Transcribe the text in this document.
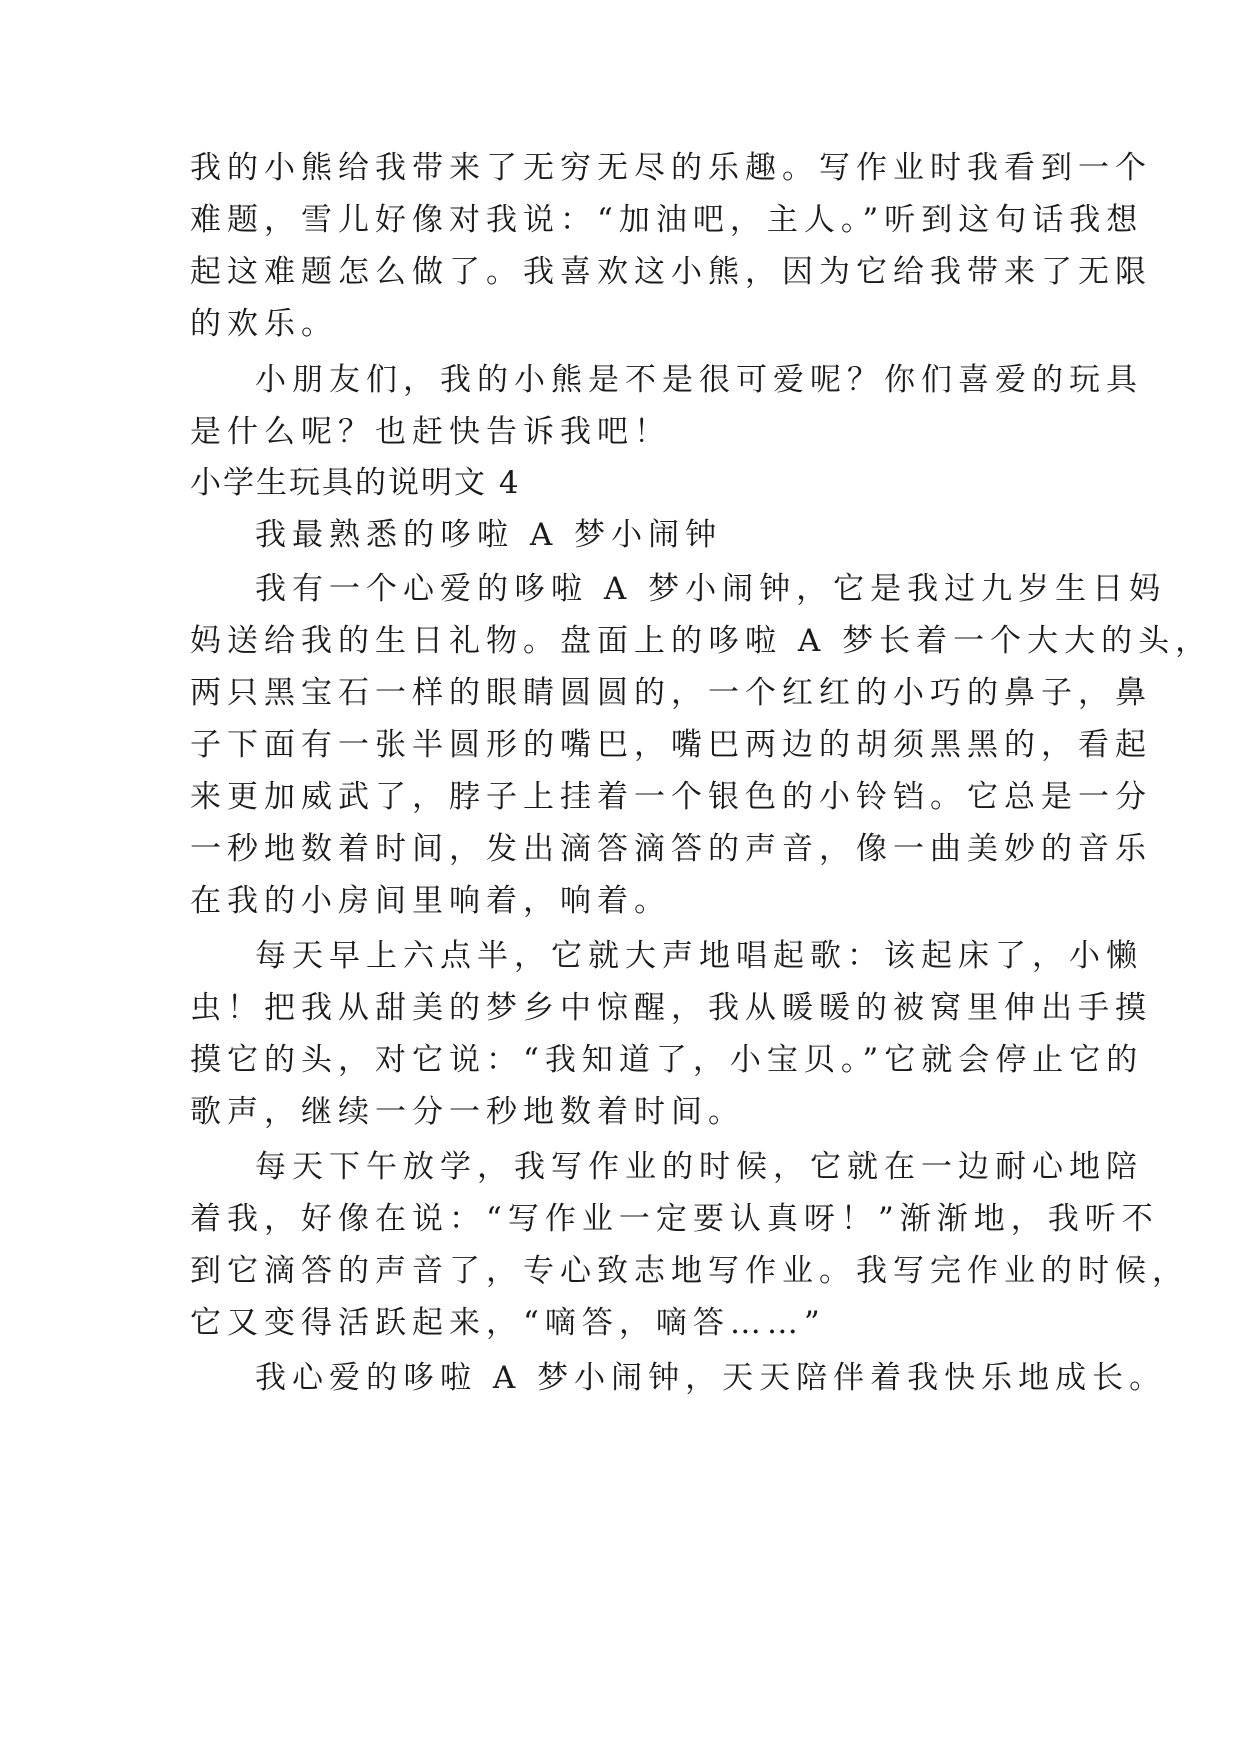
我的小熊给我带来了无穷无尽的乐趣。写作业时我看到一个

难题，雪儿好像对我说：“加油吧，主人。”听到这句话我想

起这难题怎么做了。我喜欢这小熊，因为它给我带来了无限

的欢乐。

小朋友们，我的小熊是不是很可爱呢？你们喜爱的玩具

是什么呢？也赶快告诉我吧！

小学生玩具的说明文 4

我最熟悉的哆啦 A 梦小闹钟

我有一个心爱的哆啦 A 梦小闹钟，它是我过九岁生日妈

妈送给我的生日礼物。盘面上的哆啦 A 梦长着一个大大的头，

两只黑宝石一样的眼睛圆圆的，一个红红的小巧的鼻子，鼻

子下面有一张半圆形的嘴巴，嘴巴两边的胡须黑黑的，看起

来更加威武了，脖子上挂着一个银色的小铃铛。它总是一分

一秒地数着时间，发出滴答滴答的声音，像一曲美妙的音乐

在我的小房间里响着，响着。

每天早上六点半，它就大声地唱起歌：该起床了，小懒

虫！把我从甜美的梦乡中惊醒，我从暖暖的被窝里伸出手摸

摸它的头，对它说：“我知道了，小宝贝。”它就会停止它的

歌声，继续一分一秒地数着时间。

每天下午放学，我写作业的时候，它就在一边耐心地陪

着我，好像在说：“写作业一定要认真呀！”渐渐地，我听不

到它滴答的声音了，专心致志地写作业。我写完作业的时候，

它又变得活跃起来，“嘀答，嘀答……”

我心爱的哆啦 A 梦小闹钟，天天陪伴着我快乐地成长。
